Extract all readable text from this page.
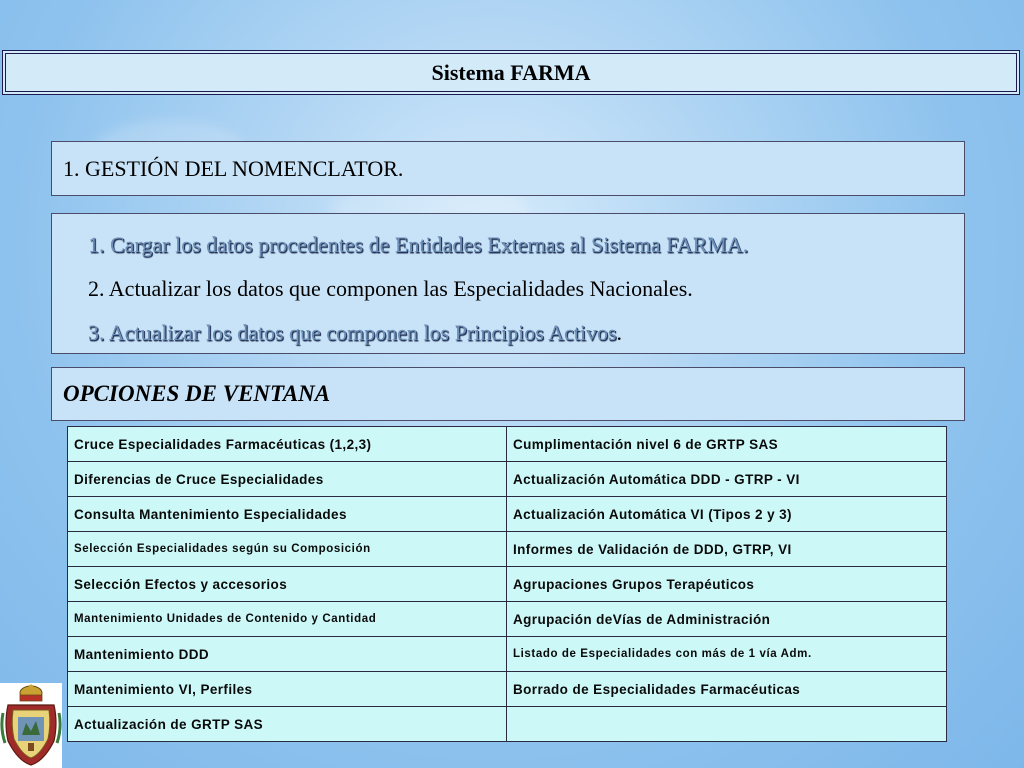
Sistema FARMA
1. GESTIÓN DEL NOMENCLATOR.
1. Cargar los datos procedentes de Entidades Externas al Sistema FARMA.
2. Actualizar los datos que componen las Especialidades Nacionales.
3. Actualizar los datos que componen los Principios Activos.
OPCIONES DE VENTANA
Cruce Especialidades Farmacéuticas (1,2,3)	Cumplimentación nivel 6 de GRTP SAS
Diferencias de Cruce Especialidades	Actualización Automática DDD - GTRP - VI
Consulta Mantenimiento Especialidades	Actualización Automática VI (Tipos 2 y 3)
Selección Especialidades según su Composición	Informes de Validación de DDD, GTRP, VI
Selección Efectos y accesorios	Agrupaciones Grupos Terapéuticos
Mantenimiento Unidades de Contenido y Cantidad	Agrupación deVías de Administración
Mantenimiento DDD	Listado de Especialidades con más de 1 vía Adm.
Mantenimiento VI, Perfiles	Borrado de Especialidades Farmacéuticas
Actualización de GRTP SAS	
